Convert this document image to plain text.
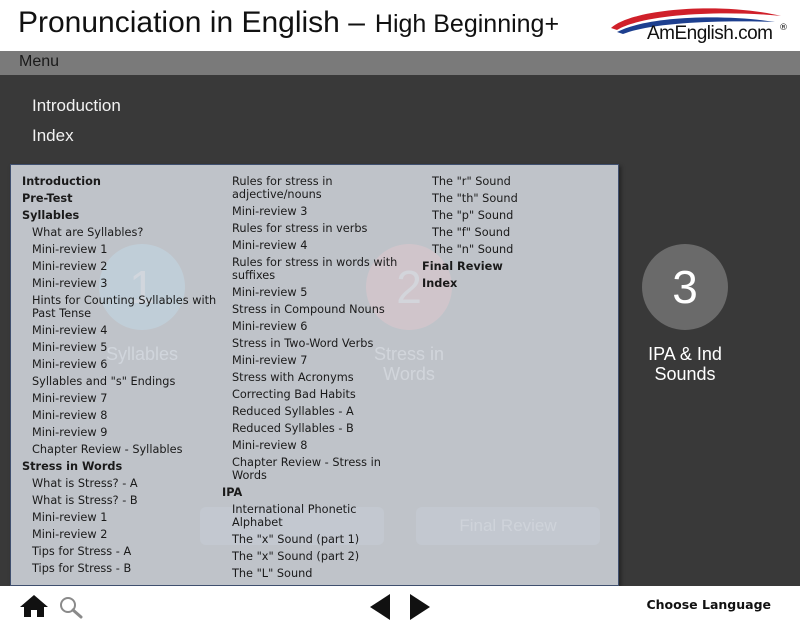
Pronunciation in English – High Beginning+	AmEnglish.com ®
Menu
Introduction
Index
3
IPA & Ind
Sounds
Introduction
Pre-Test
Syllables
What are Syllables?
Mini-review 1
Mini-review 2
Mini-review 3
Hints for Counting Syllables with Past Tense
Mini-review 4
Mini-review 5
Mini-review 6
Syllables and "s" Endings
Mini-review 7
Mini-review 8
Mini-review 9
Chapter Review - Syllables
Stress in Words
What is Stress? - A
What is Stress? - B
Mini-review 1
Mini-review 2
Tips for Stress - A
Tips for Stress - B
Rules for stress in adjective/nouns
Mini-review 3
Rules for stress in verbs
Mini-review 4
Rules for stress in words with suffixes
Mini-review 5
Stress in Compound Nouns
Mini-review 6
Stress in Two-Word Verbs
Mini-review 7
Stress with Acronyms
Correcting Bad Habits
Reduced Syllables - A
Reduced Syllables - B
Mini-review 8
Chapter Review - Stress in Words
IPA
International Phonetic Alphabet
The "x" Sound (part 1)
The "x" Sound (part 2)
The "L" Sound
The "r" Sound
The "th" Sound
The "p" Sound
The "f" Sound
The "n" Sound
Final Review
Index
Choose Language
